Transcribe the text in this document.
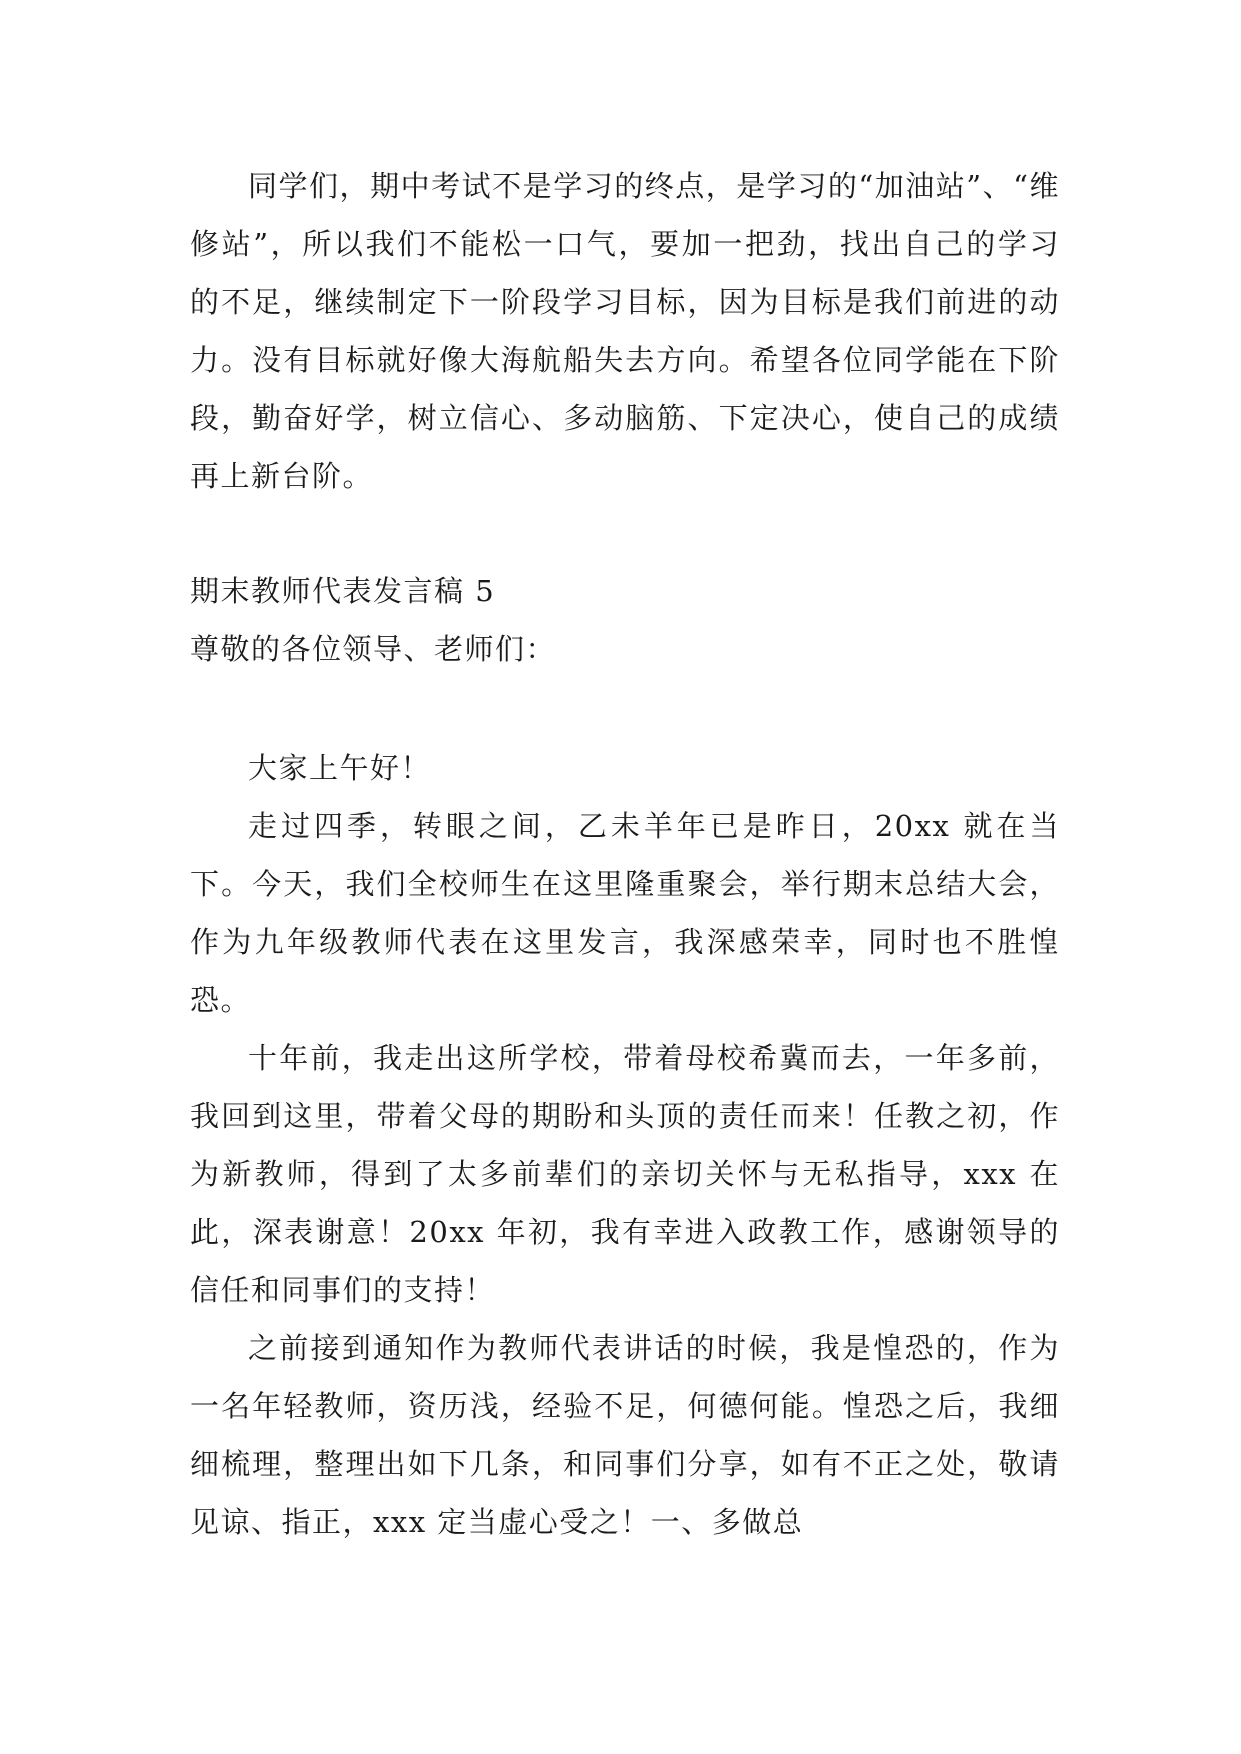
同学们，期中考试不是学习的终点，是学习的“加油站”、“维修站”，所以我们不能松一口气，要加一把劲，找出自己的学习的不足，继续制定下一阶段学习目标，因为目标是我们前进的动力。没有目标就好像大海航船失去方向。希望各位同学能在下阶段，勤奋好学，树立信心、多动脑筋、下定决心，使自己的成绩再上新台阶。

期末教师代表发言稿 5

尊敬的各位领导、老师们：

大家上午好！

走过四季，转眼之间，乙未羊年已是昨日，20xx 就在当下。今天，我们全校师生在这里隆重聚会，举行期末总结大会，作为九年级教师代表在这里发言，我深感荣幸，同时也不胜惶恐。

十年前，我走出这所学校，带着母校希冀而去，一年多前，我回到这里，带着父母的期盼和头顶的责任而来！任教之初，作为新教师，得到了太多前辈们的亲切关怀与无私指导，xxx 在此，深表谢意！20xx 年初，我有幸进入政教工作，感谢领导的信任和同事们的支持！

之前接到通知作为教师代表讲话的时候，我是惶恐的，作为一名年轻教师，资历浅，经验不足，何德何能。惶恐之后，我细细梳理，整理出如下几条，和同事们分享，如有不正之处，敬请见谅、指正，xxx 定当虚心受之！一、多做总
